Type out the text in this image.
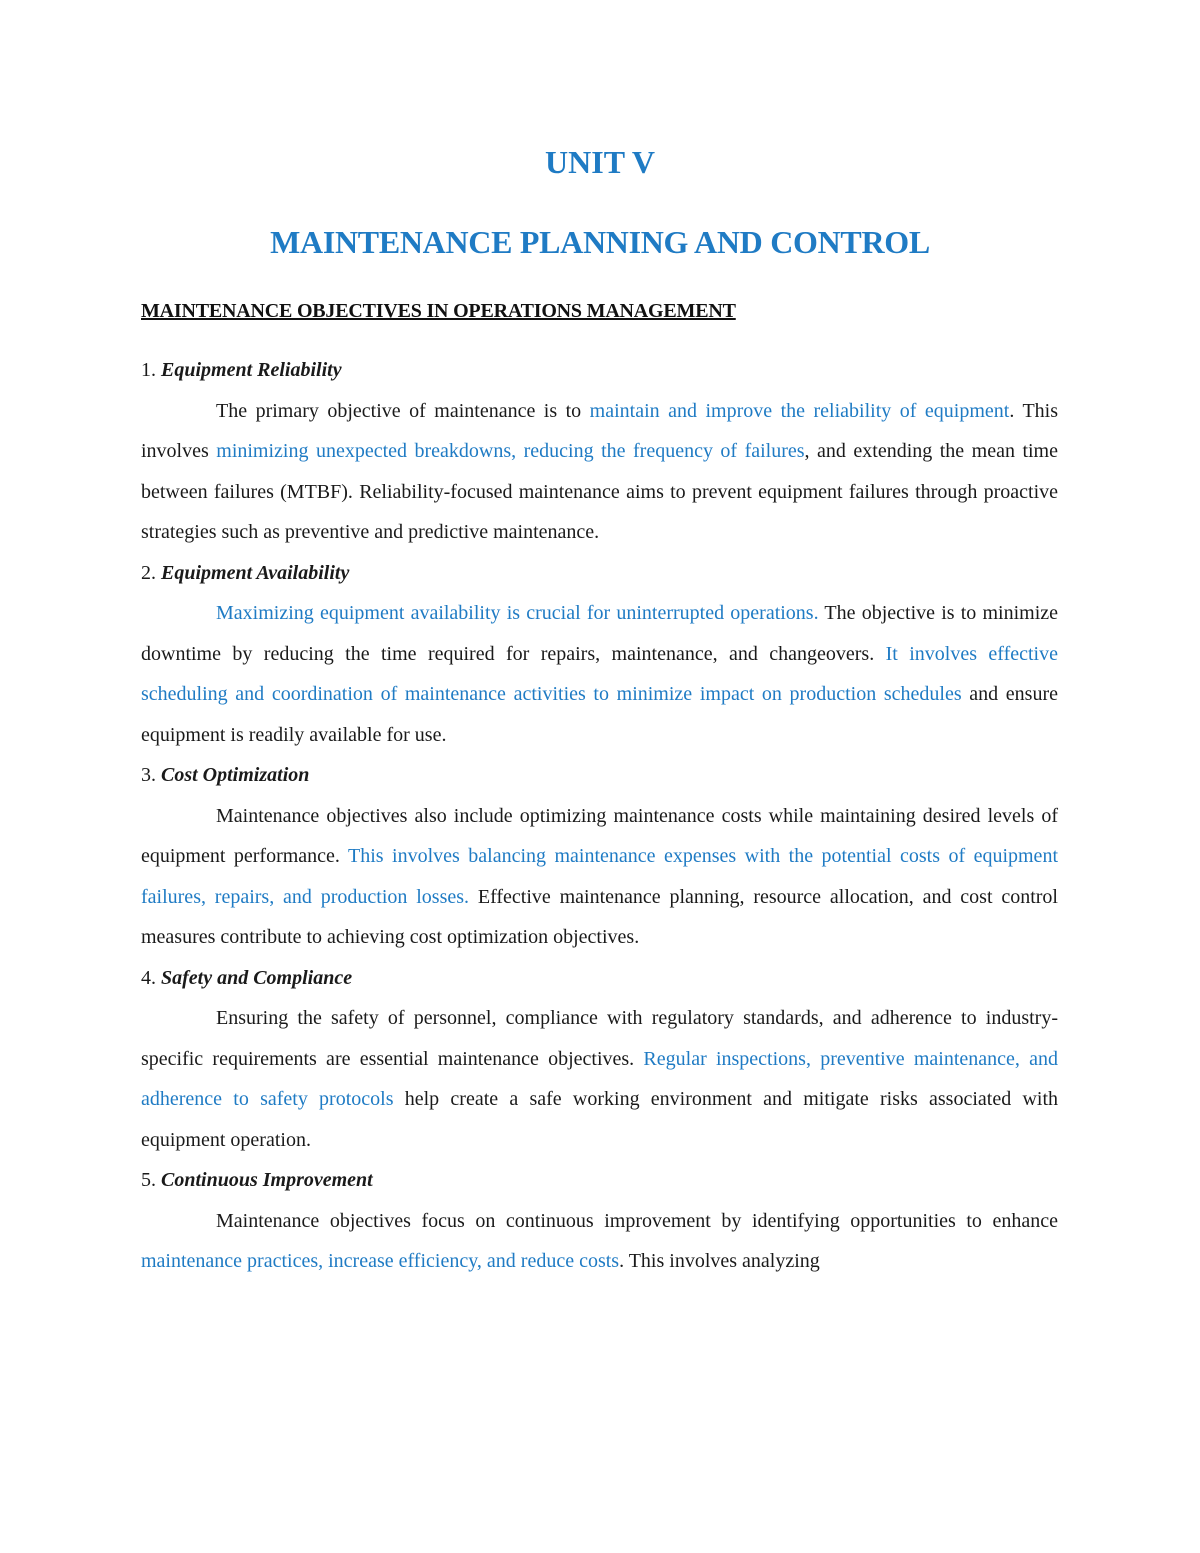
UNIT V
MAINTENANCE PLANNING AND CONTROL
MAINTENANCE OBJECTIVES IN OPERATIONS MANAGEMENT

1. Equipment Reliability

The primary objective of maintenance is to maintain and improve the reliability of equipment. This involves minimizing unexpected breakdowns, reducing the frequency of failures, and extending the mean time between failures (MTBF). Reliability-focused maintenance aims to prevent equipment failures through proactive strategies such as preventive and predictive maintenance.

2. Equipment Availability

Maximizing equipment availability is crucial for uninterrupted operations. The objective is to minimize downtime by reducing the time required for repairs, maintenance, and changeovers. It involves effective scheduling and coordination of maintenance activities to minimize impact on production schedules and ensure equipment is readily available for use.

3. Cost Optimization

Maintenance objectives also include optimizing maintenance costs while maintaining desired levels of equipment performance. This involves balancing maintenance expenses with the potential costs of equipment failures, repairs, and production losses. Effective maintenance planning, resource allocation, and cost control measures contribute to achieving cost optimization objectives.

4. Safety and Compliance

Ensuring the safety of personnel, compliance with regulatory standards, and adherence to industry-specific requirements are essential maintenance objectives. Regular inspections, preventive maintenance, and adherence to safety protocols help create a safe working environment and mitigate risks associated with equipment operation.

5. Continuous Improvement

Maintenance objectives focus on continuous improvement by identifying opportunities to enhance maintenance practices, increase efficiency, and reduce costs. This involves analyzing
